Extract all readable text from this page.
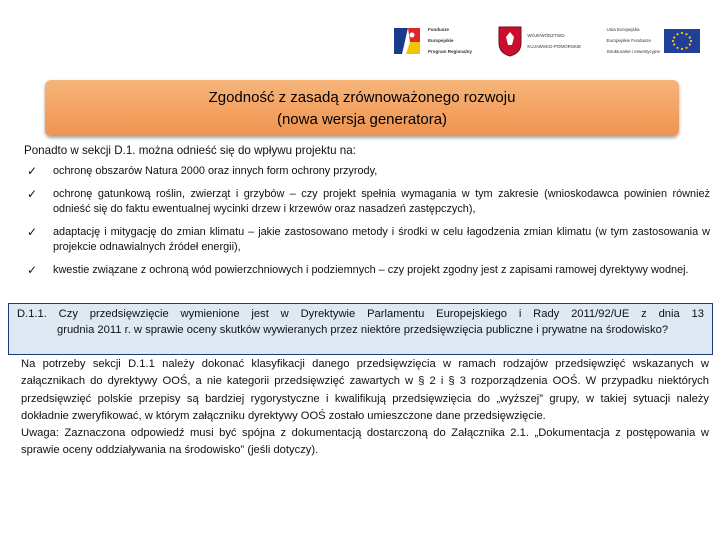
Fundusze

Europejskie

Program Regionalny

WOJEWÓDZTWO

KUJAWSKO-POMORSKIE

Unia Europejska

Europejskie Fundusze

Strukturalne i Inwestycyjne

Zgodność z zasadą zrównoważonego rozwoju
(nowa wersja generatora)
Ponadto w sekcji D.1. można odnieść się do wpływu projektu na:
✓ ochronę obszarów Natura 2000 oraz innych form ochrony przyrody,
✓ ochronę gatunkową roślin, zwierząt i grzybów – czy projekt spełnia wymagania w tym zakresie (wnioskodawca powinien również odnieść się do faktu ewentualnej wycinki drzew i krzewów oraz nasadzeń zastępczych),
✓ adaptację i mitygację do zmian klimatu – jakie zastosowano metody i środki w celu łagodzenia zmian klimatu (w tym zastosowania w projekcie odnawialnych źródeł energii),
✓ kwestie związane z ochroną wód powierzchniowych i podziemnych – czy projekt zgodny jest z zapisami ramowej dyrektywy wodnej.
D.1.1. Czy przedsięwzięcie wymienione jest w Dyrektywie Parlamentu Europejskiego i Rady 2011/92/UE z dnia 13
grudnia 2011 r. w sprawie oceny skutków wywieranych przez niektóre przedsięwzięcia publiczne i prywatne na środowisko?
Na potrzeby sekcji D.1.1 należy dokonać klasyfikacji danego przedsięwzięcia w ramach rodzajów przedsięwzięć wskazanych w załącznikach do dyrektywy OOŚ, a nie kategorii przedsięwzięć zawartych w § 2 i § 3 rozporządzenia OOŚ. W przypadku niektórych przedsięwzięć polskie przepisy są bardziej rygorystyczne i kwalifikują przedsięwzięcia do „wyższej” grupy, w takiej sytuacji należy dokładnie zweryfikować, w którym załączniku dyrektywy OOŚ zostało umieszczone dane przedsięwzięcie.
Uwaga: Zaznaczona odpowiedź musi być spójna z dokumentacją dostarczoną do Załącznika 2.1. „Dokumentacja z postępowania w sprawie oceny oddziaływania na środowisko” (jeśli dotyczy).
